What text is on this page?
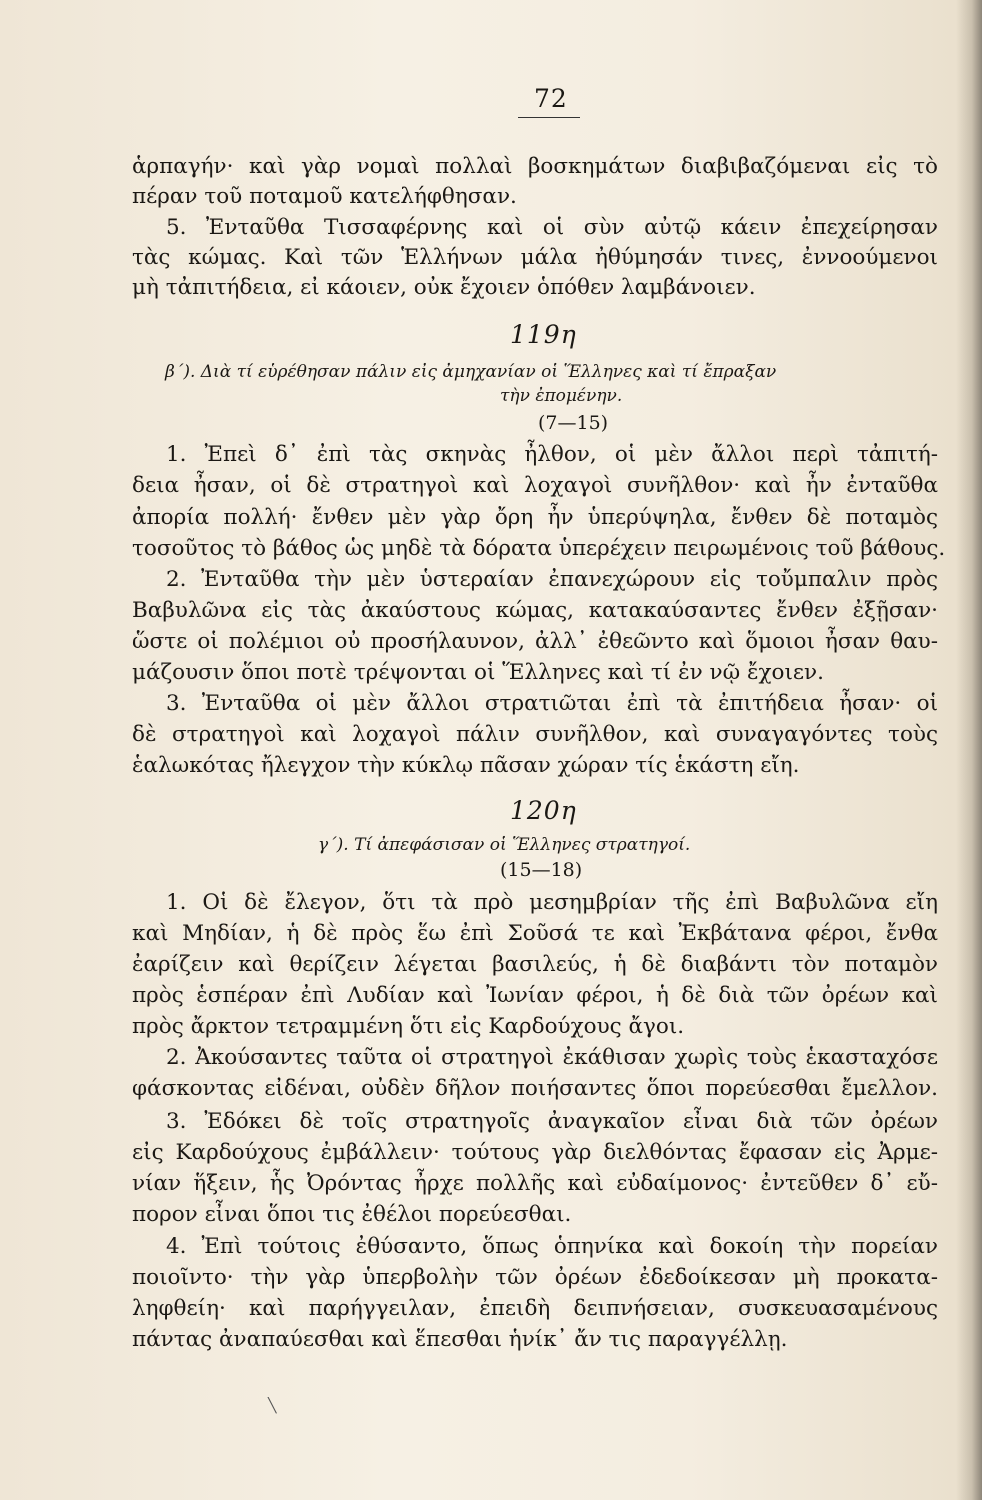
72
ἁρπαγήν· καὶ γὰρ νομαὶ πολλαὶ βοσκημάτων διαβιβαζόμεναι εἰς τὸ
πέραν τοῦ ποταμοῦ κατελήφθησαν.
5. Ἐνταῦθα Τισσαφέρνης καὶ οἱ σὺν αὐτῷ κάειν ἐπεχείρησαν
τὰς κώμας. Καὶ τῶν Ἑλλήνων μάλα ἠθύμησάν τινες, ἐννοούμενοι
μὴ τἀπιτήδεια, εἰ κάοιεν, οὐκ ἔχοιεν ὁπόθεν λαμβάνοιεν.
119η
β΄). Διὰ τί εὑρέθησαν πάλιν εἰς ἀμηχανίαν οἱ Ἕλληνες καὶ τί ἔπραξαν
τὴν ἐπομένην.
(7—15)
1. Ἐπεὶ δ᾽ ἐπὶ τὰς σκηνὰς ἦλθον, οἱ μὲν ἄλλοι περὶ τἀπιτή-
δεια ἦσαν, οἱ δὲ στρατηγοὶ καὶ λοχαγοὶ συνῆλθον· καὶ ἦν ἐνταῦθα
ἀπορία πολλή· ἔνθεν μὲν γὰρ ὄρη ἦν ὑπερύψηλα, ἔνθεν δὲ ποταμὸς
τοσοῦτος τὸ βάθος ὡς μηδὲ τὰ δόρατα ὑπερέχειν πειρωμένοις τοῦ βάθους.
2. Ἐνταῦθα τὴν μὲν ὑστεραίαν ἐπανεχώρουν εἰς τοὔμπαλιν πρὸς
Βαβυλῶνα εἰς τὰς ἀκαύστους κώμας, κατακαύσαντες ἔνθεν ἐξῇσαν·
ὥστε οἱ πολέμιοι οὐ προσήλαυνον, ἀλλ᾽ ἐθεῶντο καὶ ὅμοιοι ἦσαν θαυ-
μάζουσιν ὅποι ποτὲ τρέψονται οἱ Ἕλληνες καὶ τί ἐν νῷ ἔχοιεν.
3. Ἐνταῦθα οἱ μὲν ἄλλοι στρατιῶται ἐπὶ τὰ ἐπιτήδεια ἦσαν· οἱ
δὲ στρατηγοὶ καὶ λοχαγοὶ πάλιν συνῆλθον, καὶ συναγαγόντες τοὺς
ἑαλωκότας ἤλεγχον τὴν κύκλῳ πᾶσαν χώραν τίς ἑκάστη εἴη.
120η
γ΄). Τί ἀπεφάσισαν οἱ Ἕλληνες στρατηγοί.
(15—18)
1. Οἱ δὲ ἔλεγον, ὅτι τὰ πρὸ μεσημβρίαν τῆς ἐπὶ Βαβυλῶνα εἴη
καὶ Μηδίαν, ἡ δὲ πρὸς ἕω ἐπὶ Σοῦσά τε καὶ Ἐκβάτανα φέροι, ἔνθα
ἐαρίζειν καὶ θερίζειν λέγεται βασιλεύς, ἡ δὲ διαβάντι τὸν ποταμὸν
πρὸς ἑσπέραν ἐπὶ Λυδίαν καὶ Ἰωνίαν φέροι, ἡ δὲ διὰ τῶν ὀρέων καὶ
πρὸς ἄρκτον τετραμμένη ὅτι εἰς Καρδούχους ἄγοι.
2. Ἀκούσαντες ταῦτα οἱ στρατηγοὶ ἐκάθισαν χωρὶς τοὺς ἑκασταχόσε
φάσκοντας εἰδέναι, οὐδὲν δῆλον ποιήσαντες ὅποι πορεύεσθαι ἔμελλον.
3. Ἐδόκει δὲ τοῖς στρατηγοῖς ἀναγκαῖον εἶναι διὰ τῶν ὀρέων
εἰς Καρδούχους ἐμβάλλειν· τούτους γὰρ διελθόντας ἔφασαν εἰς Ἀρμε-
νίαν ἥξειν, ἧς Ὀρόντας ἦρχε πολλῆς καὶ εὐδαίμονος· ἐντεῦθεν δ᾽ εὔ-
πορον εἶναι ὅποι τις ἐθέλοι πορεύεσθαι.
4. Ἐπὶ τούτοις ἐθύσαντο, ὅπως ὁπηνίκα καὶ δοκοίη τὴν πορείαν
ποιοῖντο· τὴν γὰρ ὑπερβολὴν τῶν ὀρέων ἐδεδοίκεσαν μὴ προκατα-
ληφθείη· καὶ παρήγγειλαν, ἐπειδὴ δειπνήσειαν, συσκευασαμένους
πάντας ἀναπαύεσθαι καὶ ἕπεσθαι ἡνίκ᾽ ἄν τις παραγγέλλῃ.
╲
